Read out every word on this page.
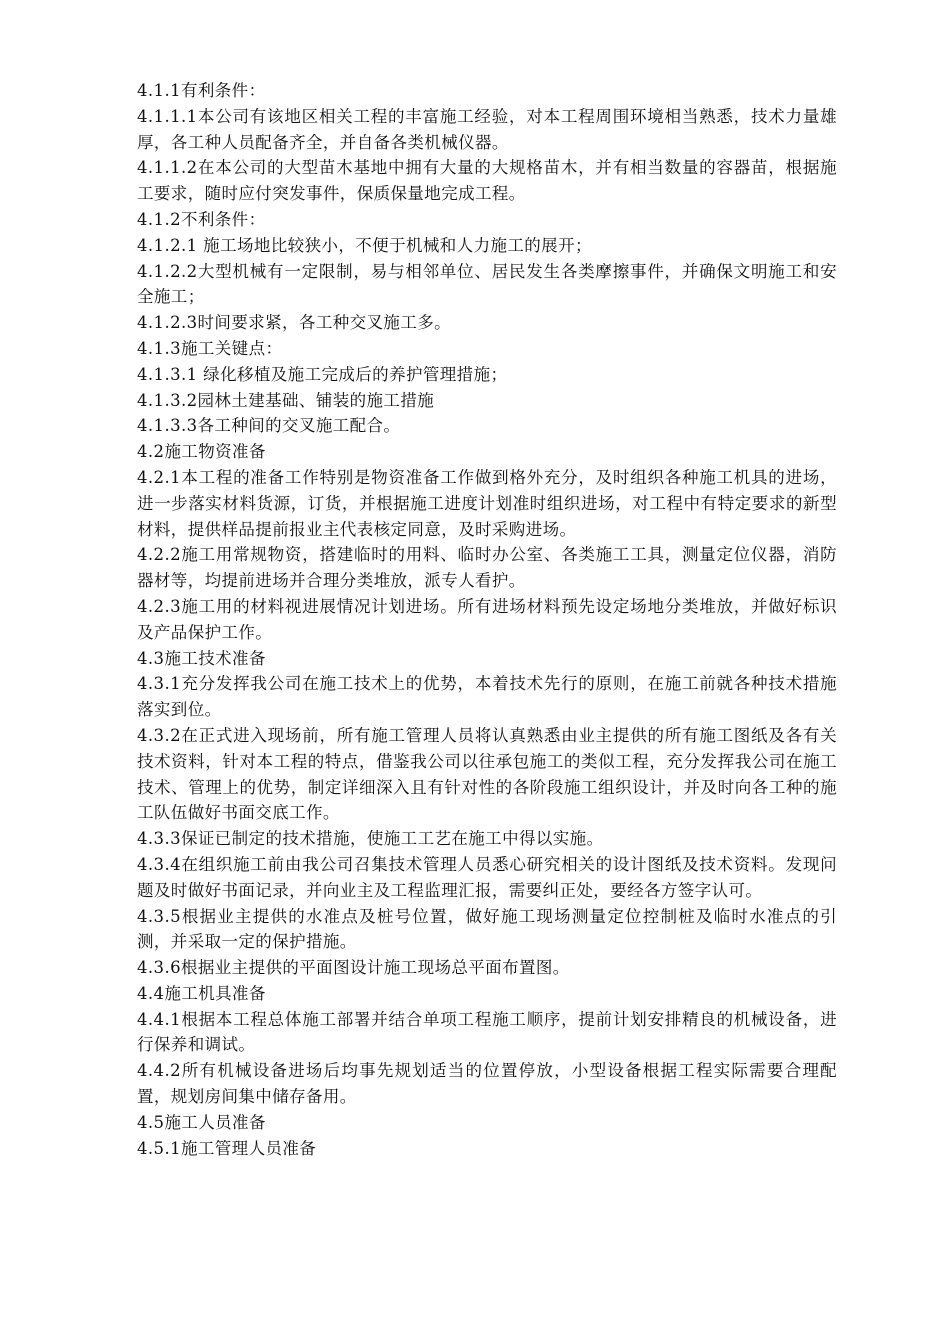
4.1.1有利条件：

4.1.1.1本公司有该地区相关工程的丰富施工经验，对本工程周围环境相当熟悉，技术力量雄厚，各工种人员配备齐全，并自备各类机械仪器。

4.1.1.2在本公司的大型苗木基地中拥有大量的大规格苗木，并有相当数量的容器苗，根据施工要求，随时应付突发事件，保质保量地完成工程。

4.1.2不利条件：

4.1.2.1 施工场地比较狭小，不便于机械和人力施工的展开；

4.1.2.2大型机械有一定限制，易与相邻单位、居民发生各类摩擦事件，并确保文明施工和安全施工；

4.1.2.3时间要求紧，各工种交叉施工多。

4.1.3施工关键点：

4.1.3.1 绿化移植及施工完成后的养护管理措施；

4.1.3.2园林土建基础、铺装的施工措施

4.1.3.3各工种间的交叉施工配合。

4.2施工物资准备

4.2.1本工程的准备工作特别是物资准备工作做到格外充分，及时组织各种施工机具的进场，进一步落实材料货源，订货，并根据施工进度计划准时组织进场，对工程中有特定要求的新型材料，提供样品提前报业主代表核定同意，及时采购进场。

4.2.2施工用常规物资，搭建临时的用料、临时办公室、各类施工工具，测量定位仪器，消防器材等，均提前进场并合理分类堆放，派专人看护。

4.2.3施工用的材料视进展情况计划进场。所有进场材料预先设定场地分类堆放，并做好标识及产品保护工作。

4.3施工技术准备

4.3.1充分发挥我公司在施工技术上的优势，本着技术先行的原则，在施工前就各种技术措施落实到位。

4.3.2在正式进入现场前，所有施工管理人员将认真熟悉由业主提供的所有施工图纸及各有关技术资料，针对本工程的特点，借鉴我公司以往承包施工的类似工程，充分发挥我公司在施工技术、管理上的优势，制定详细深入且有针对性的各阶段施工组织设计，并及时向各工种的施工队伍做好书面交底工作。

4.3.3保证已制定的技术措施，使施工工艺在施工中得以实施。

4.3.4在组织施工前由我公司召集技术管理人员悉心研究相关的设计图纸及技术资料。发现问题及时做好书面记录，并向业主及工程监理汇报，需要纠正处，要经各方签字认可。

4.3.5根据业主提供的水准点及桩号位置，做好施工现场测量定位控制桩及临时水准点的引测，并采取一定的保护措施。

4.3.6根据业主提供的平面图设计施工现场总平面布置图。

4.4施工机具准备

4.4.1根据本工程总体施工部署并结合单项工程施工顺序，提前计划安排精良的机械设备，进行保养和调试。

4.4.2所有机械设备进场后均事先规划适当的位置停放，小型设备根据工程实际需要合理配置，规划房间集中储存备用。

4.5施工人员准备

4.5.1施工管理人员准备
